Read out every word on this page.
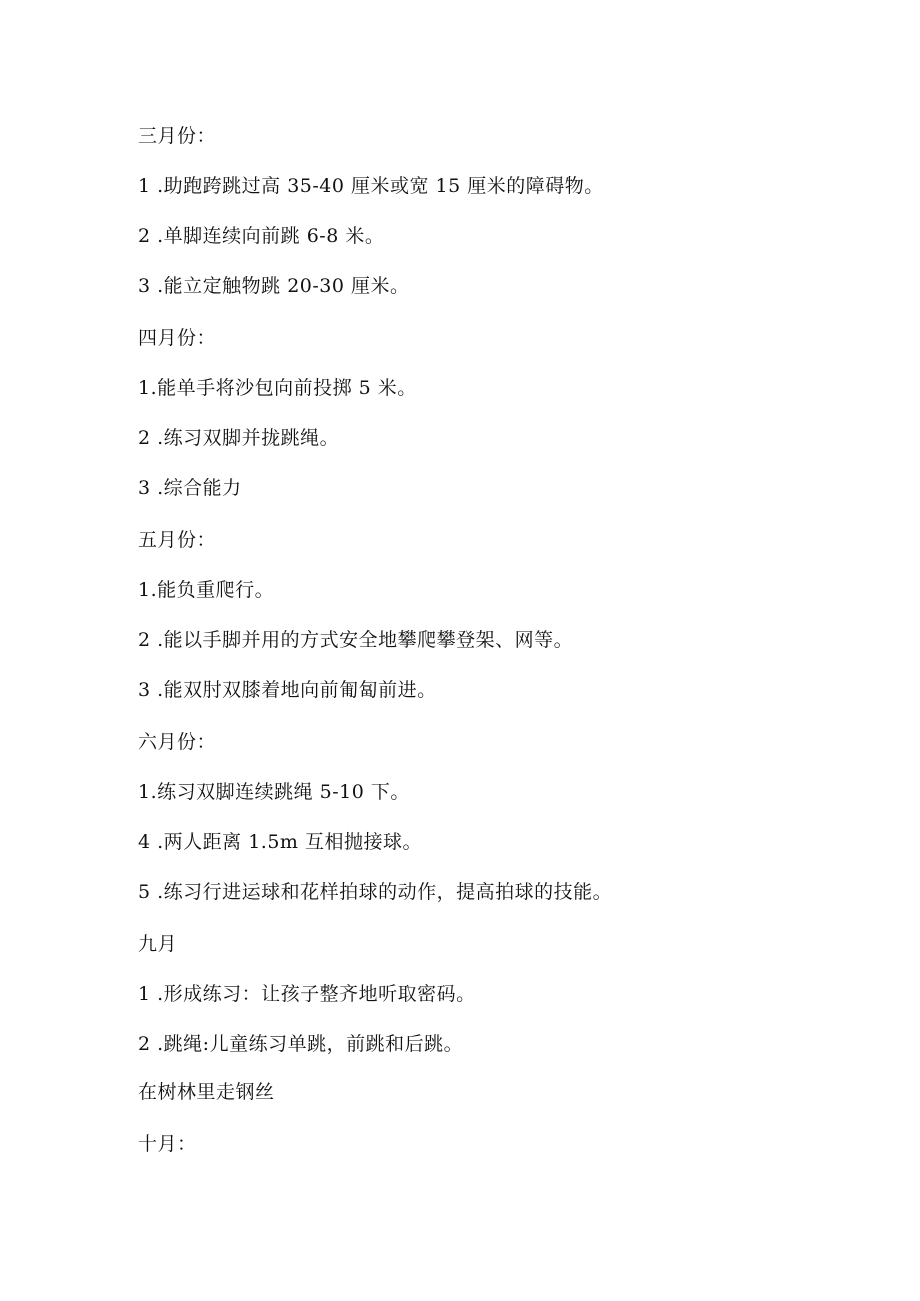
三月份：
1 .助跑跨跳过高 35-40 厘米或宽 15 厘米的障碍物。
2 .单脚连续向前跳 6-8 米。
3 .能立定触物跳 20-30 厘米。
四月份：
1.能单手将沙包向前投掷 5 米。
2 .练习双脚并拢跳绳。
3 .综合能力
五月份：
1.能负重爬行。
2 .能以手脚并用的方式安全地攀爬攀登架、网等。
3 .能双肘双膝着地向前匍匐前进。
六月份：
1.练习双脚连续跳绳 5-10 下。
4 .两人距离 1.5m 互相抛接球。
5 .练习行进运球和花样拍球的动作，提高拍球的技能。
九月
1 .形成练习：让孩子整齐地听取密码。
2 .跳绳:儿童练习单跳，前跳和后跳。
在树林里走钢丝
十月：
